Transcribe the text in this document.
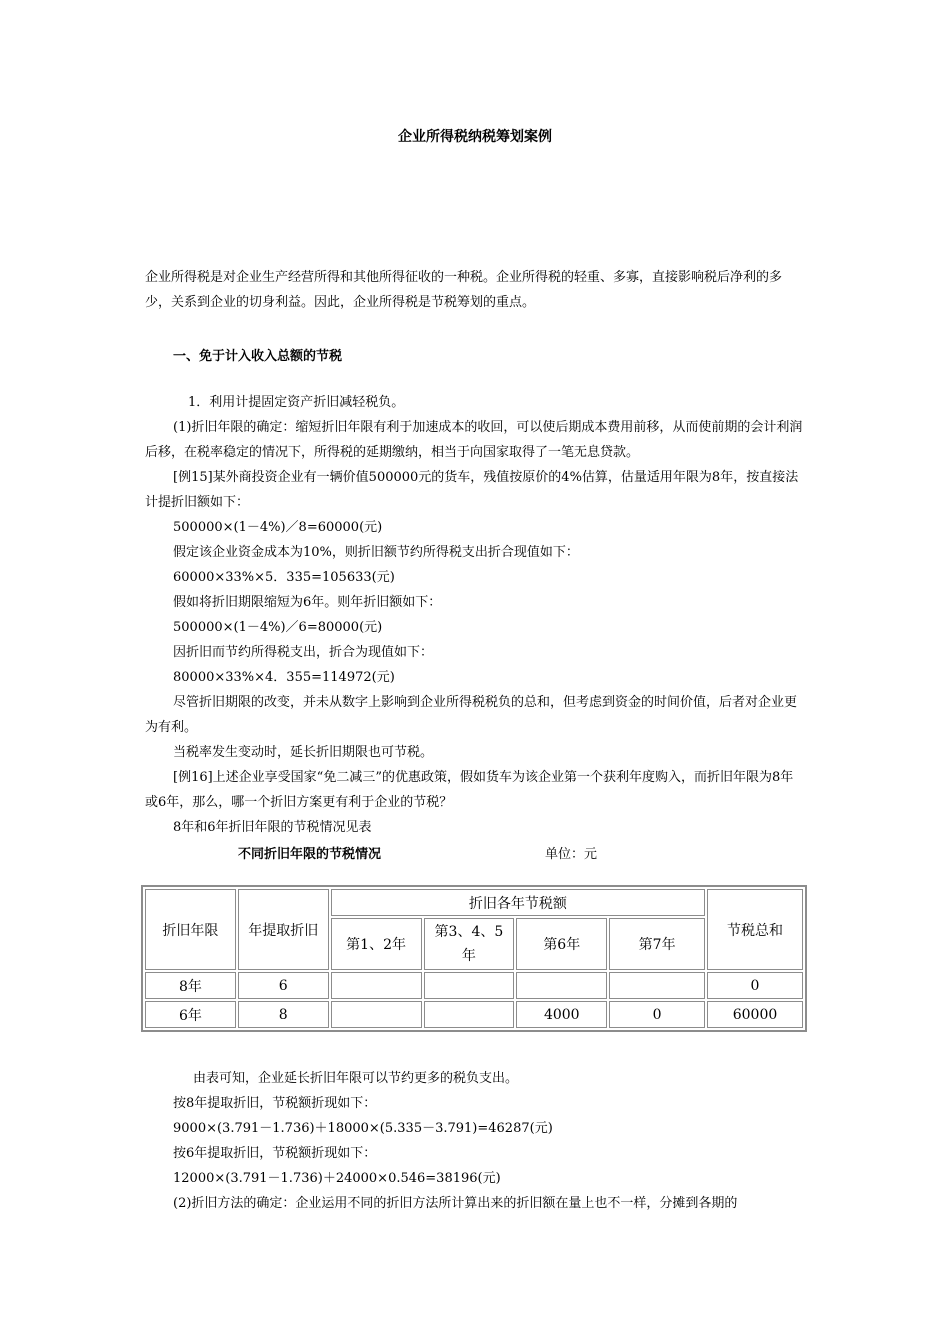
企业所得税纳税筹划案例

企业所得税是对企业生产经营所得和其他所得征收的一种税。企业所得税的轻重、多寡，直接影响税后净利的多少，关系到企业的切身利益。因此，企业所得税是节税筹划的重点。

一、免于计入收入总额的节税

1．利用计提固定资产折旧减轻税负。

(1)折旧年限的确定：缩短折旧年限有利于加速成本的收回，可以使后期成本费用前移，从而使前期的会计利润后移，在税率稳定的情况下，所得税的延期缴纳，相当于向国家取得了一笔无息贷款。

[例15]某外商投资企业有一辆价值500000元的货车，残值按原价的4%估算，估量适用年限为8年，按直接法计提折旧额如下：

500000×(1－4%)／8=60000(元)

假定该企业资金成本为10%，则折旧额节约所得税支出折合现值如下：

60000×33%×5．335=105633(元)

假如将折旧期限缩短为6年。则年折旧额如下：

500000×(1－4%)／6=80000(元)

因折旧而节约所得税支出，折合为现值如下：

80000×33%×4．355=114972(元)

尽管折旧期限的改变，并未从数字上影响到企业所得税税负的总和，但考虑到资金的时间价值，后者对企业更为有利。

当税率发生变动时，延长折旧期限也可节税。

[例16]上述企业享受国家“免二减三”的优惠政策，假如货车为该企业第一个获利年度购入，而折旧年限为8年或6年，那么，哪一个折旧方案更有利于企业的节税？

8年和6年折旧年限的节税情况见表

不同折旧年限的节税情况	单位：元
折旧年限	年提取折旧	折旧各年节税额				节税总和
		第1、2年	第3、4、5年	第6年	第7年	
8年	6					0
6年	8			4000	0	60000

由表可知，企业延长折旧年限可以节约更多的税负支出。

按8年提取折旧，节税额折现如下：

9000×(3.791－1.736)＋18000×(5.335－3.791)=46287(元)

按6年提取折旧，节税额折现如下：

12000×(3.791－1.736)＋24000×0.546=38196(元)

(2)折旧方法的确定：企业运用不同的折旧方法所计算出来的折旧额在量上也不一样，分摊到各期的
